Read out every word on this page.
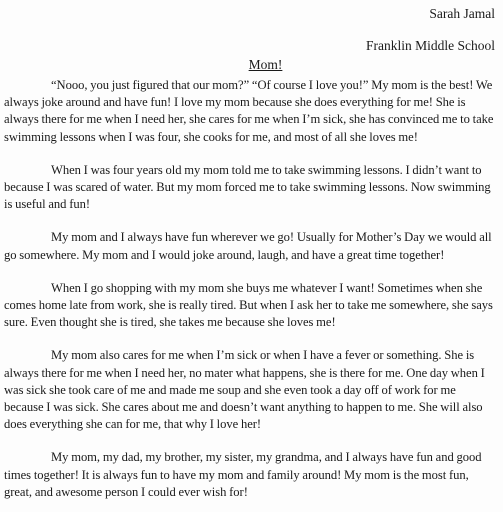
Sarah Jamal
Franklin Middle School
Mom!

“Nooo, you just figured that our mom?” “Of course I love you!” My mom is the best! We always joke around and have fun! I love my mom because she does everything for me! She is always there for me when I need her, she cares for me when I’m sick, she has convinced me to take swimming lessons when I was four, she cooks for me, and most of all she loves me!

When I was four years old my mom told me to take swimming lessons. I didn’t want to because I was scared of water. But my mom forced me to take swimming lessons. Now swimming is useful and fun!

My mom and I always have fun wherever we go! Usually for Mother’s Day we would all go somewhere. My mom and I would joke around, laugh, and have a great time together!

When I go shopping with my mom she buys me whatever I want! Sometimes when she comes home late from work, she is really tired. But when I ask her to take me somewhere, she says sure. Even thought she is tired, she takes me because she loves me!

My mom also cares for me when I’m sick or when I have a fever or something. She is always there for me when I need her, no mater what happens, she is there for me. One day when I was sick she took care of me and made me soup and she even took a day off of work for me because I was sick. She cares about me and doesn’t want anything to happen to me. She will also does everything she can for me, that why I love her!

My mom, my dad, my brother, my sister, my grandma, and I always have fun and good times together! It is always fun to have my mom and family around! My mom is the most fun, great, and awesome person I could ever wish for!
